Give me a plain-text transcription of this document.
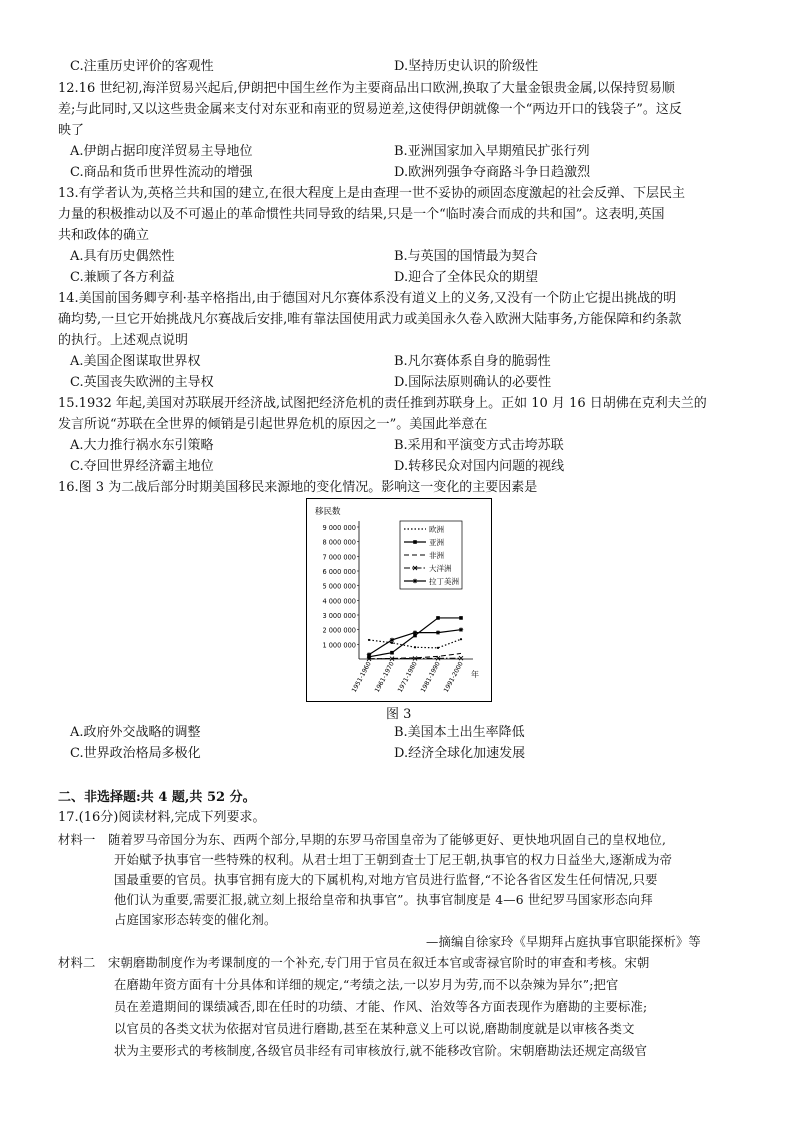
C.注重历史评价的客观性	D.坚持历史认识的阶级性
12.16 世纪初,海洋贸易兴起后,伊朗把中国生丝作为主要商品出口欧洲,换取了大量金银贵金属,以保持贸易顺
差;与此同时,又以这些贵金属来支付对东亚和南亚的贸易逆差,这使得伊朗就像一个“两边开口的钱袋子”。这反
映了
A.伊朗占据印度洋贸易主导地位	B.亚洲国家加入早期殖民扩张行列
C.商品和货币世界性流动的增强	D.欧洲列强争夺商路斗争日趋激烈
13.有学者认为,英格兰共和国的建立,在很大程度上是由查理一世不妥协的顽固态度激起的社会反弹、下层民主
力量的积极推动以及不可遏止的革命惯性共同导致的结果,只是一个“临时凑合而成的共和国”。这表明,英国
共和政体的确立
A.具有历史偶然性	B.与英国的国情最为契合
C.兼顾了各方利益	D.迎合了全体民众的期望
14.美国前国务卿亨利·基辛格指出,由于德国对凡尔赛体系没有道义上的义务,又没有一个防止它提出挑战的明
确均势,一旦它开始挑战凡尔赛战后安排,唯有靠法国使用武力或美国永久卷入欧洲大陆事务,方能保障和约条款
的执行。上述观点说明
A.美国企图谋取世界权	B.凡尔赛体系自身的脆弱性
C.英国丧失欧洲的主导权	D.国际法原则确认的必要性
15.1932 年起,美国对苏联展开经济战,试图把经济危机的责任推到苏联身上。正如 10 月 16 日胡佛在克利夫兰的
发言所说“苏联在全世界的倾销是引起世界危机的原因之一”。美国此举意在
A.大力推行祸水东引策略	B.采用和平演变方式击垮苏联
C.夺回世界经济霸主地位	D.转移民众对国内问题的视线
16.图 3 为二战后部分时期美国移民来源地的变化情况。影响这一变化的主要因素是
移民数
9 000 000
8 000 000
7 000 000
6 000 000
5 000 000
4 000 000
3 000 000
2 000 000
1 000 000
1951-1960 1961-1970 1971-1980 1981-1990 1991-2000
欧洲
亚洲
非洲
大洋洲
拉丁美洲
年
图 3
A.政府外交战略的调整	B.美国本土出生率降低
C.世界政治格局多极化	D.经济全球化加速发展
二、非选择题:共 4 题,共 52 分。
17.(16分)阅读材料,完成下列要求。
材料一 随着罗马帝国分为东、西两个部分,早期的东罗马帝国皇帝为了能够更好、更快地巩固自己的皇权地位,
开始赋予执事官一些特殊的权利。从君士坦丁王朝到查士丁尼王朝,执事官的权力日益坐大,逐渐成为帝
国最重要的官员。执事官拥有庞大的下属机构,对地方官员进行监督,“不论各省区发生任何情况,只要
他们认为重要,需要汇报,就立刻上报给皇帝和执事官”。执事官制度是 4—6 世纪罗马国家形态向拜
占庭国家形态转变的催化剂。
—摘编自徐家玲《早期拜占庭执事官职能探析》等
材料二 宋朝磨勘制度作为考课制度的一个补充,专门用于官员在叙迁本官或寄禄官阶时的审查和考核。宋朝
在磨勘年资方面有十分具体和详细的规定,“考绩之法,一以岁月为劳,而不以杂辣为异尔”;把官
员在差遣期间的课绩减否,即在任时的功绩、才能、作风、治效等各方面表现作为磨勘的主要标准;
以官员的各类文状为依据对官员进行磨勘,甚至在某种意义上可以说,磨勘制度就是以审核各类文
状为主要形式的考核制度,各级官员非经有司审核放行,就不能移改官阶。宋朝磨勘法还规定高级官
